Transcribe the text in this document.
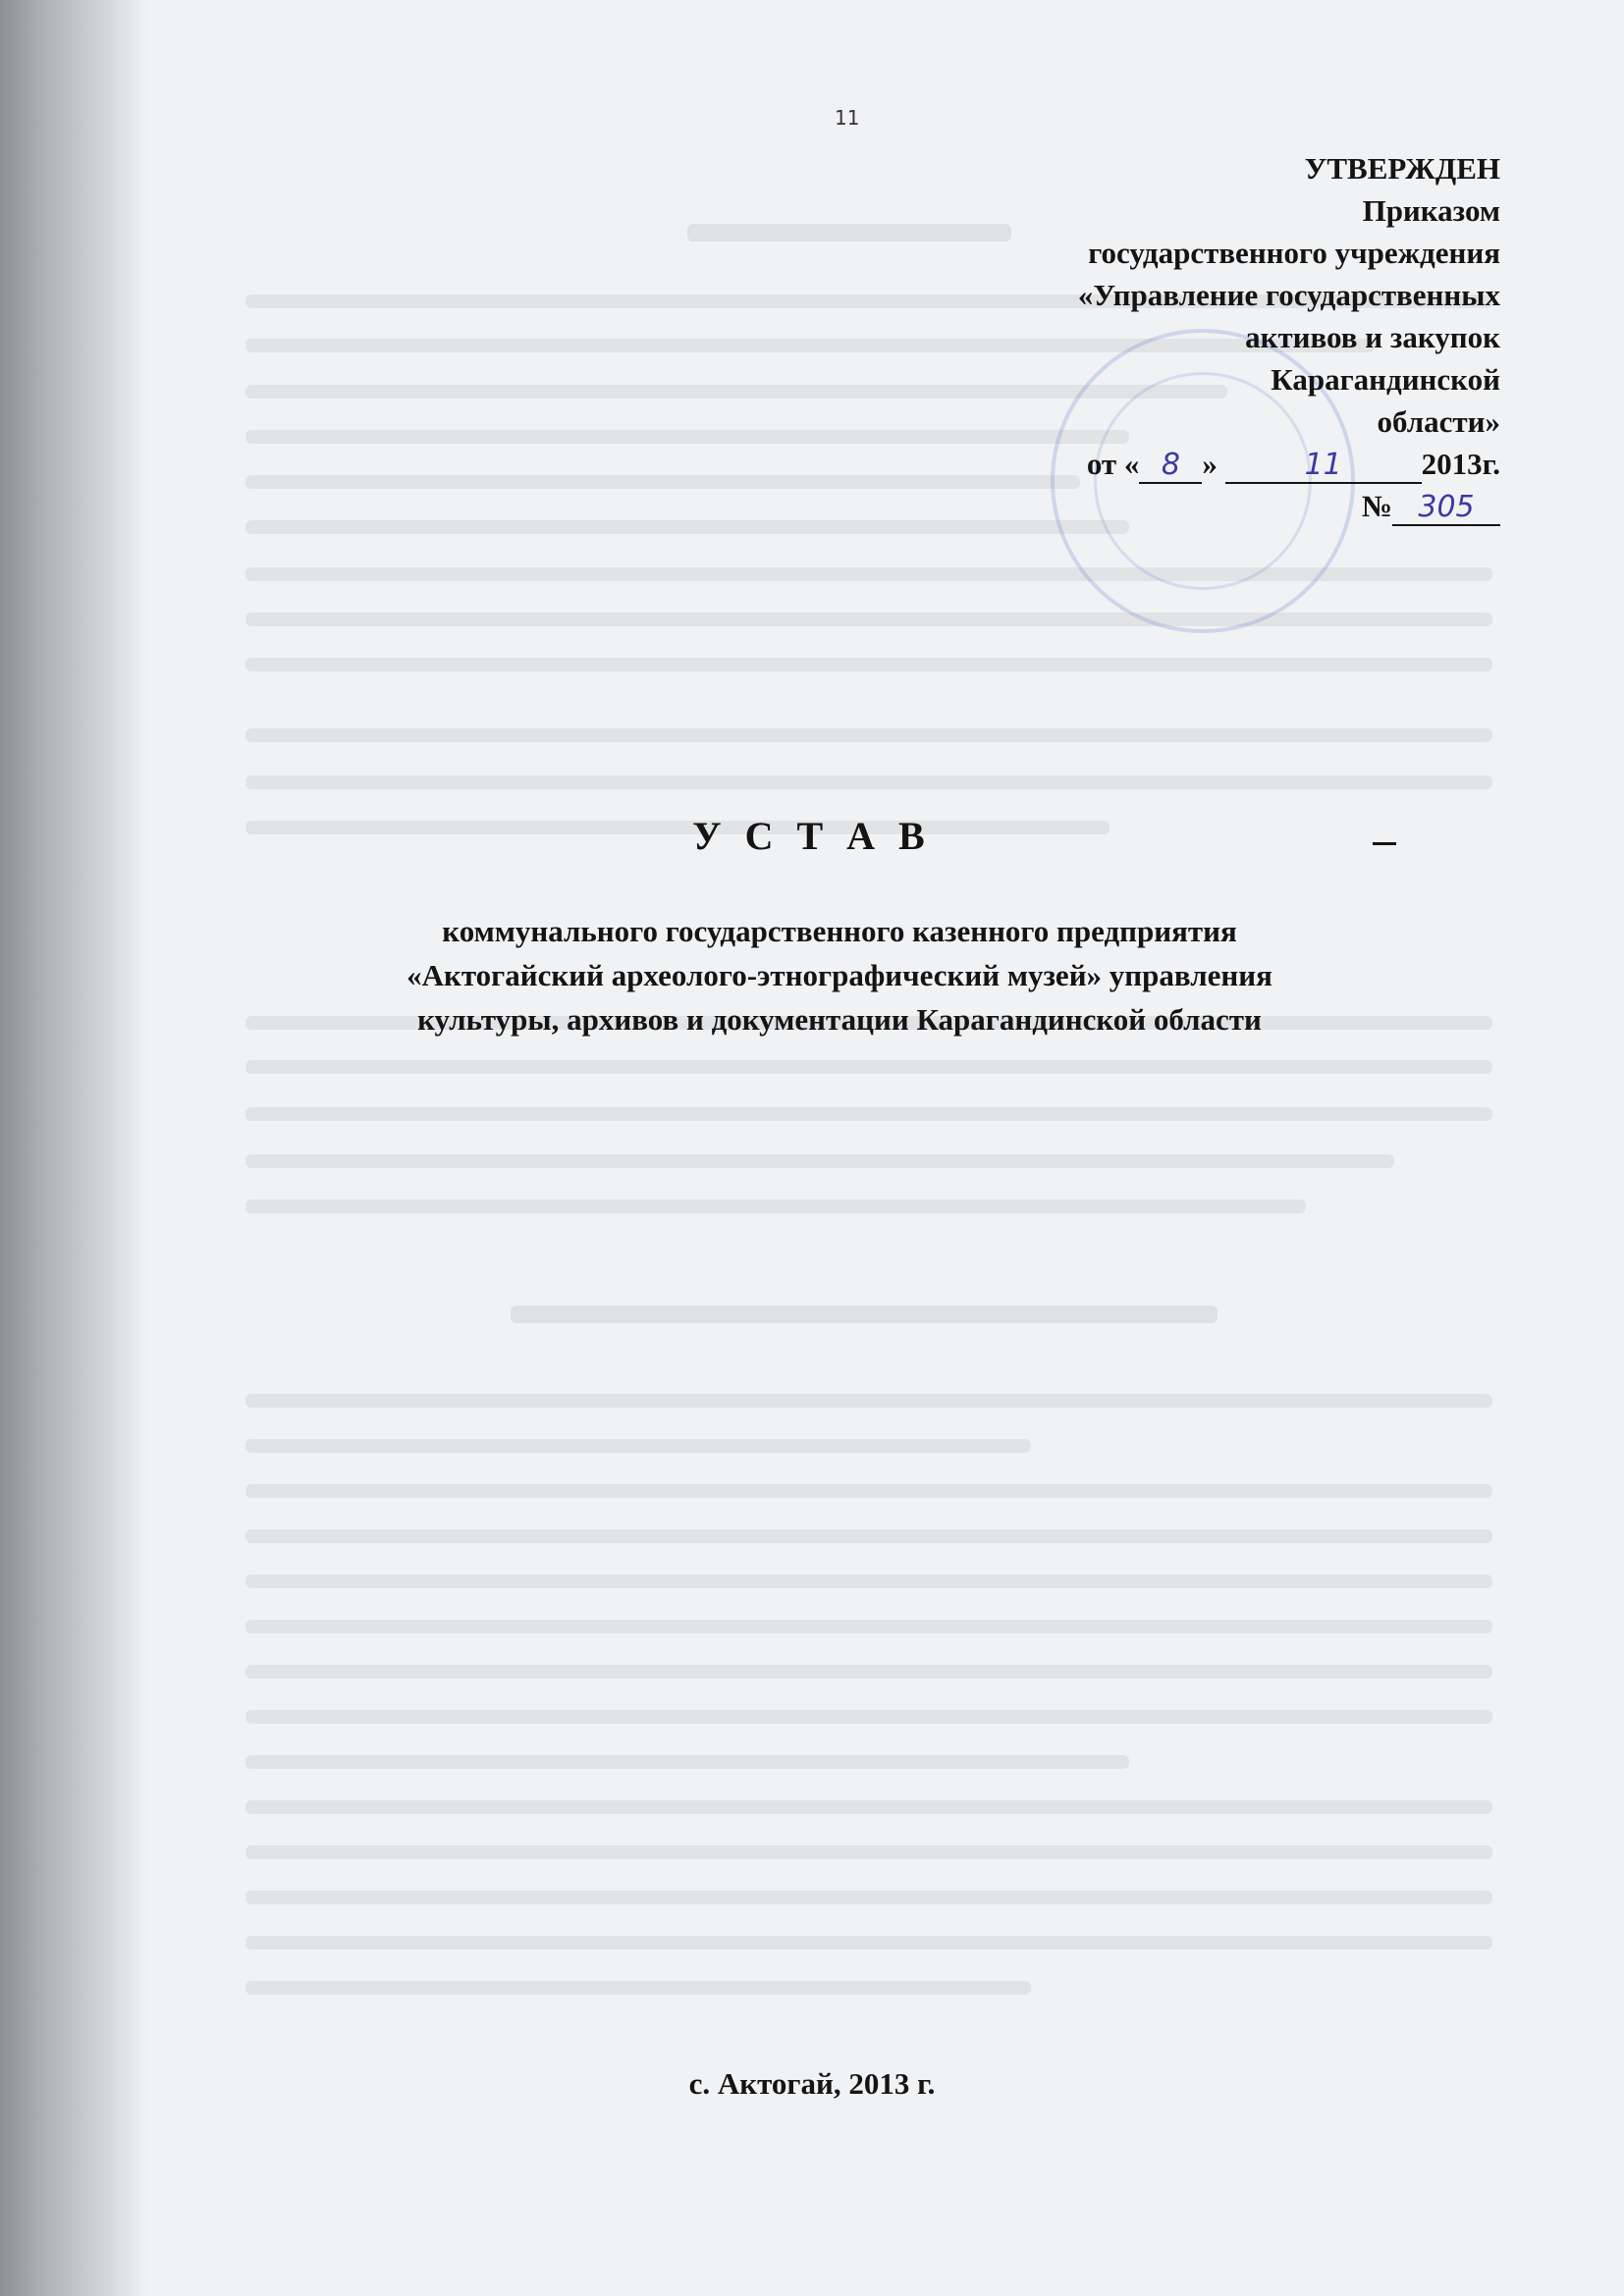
11
УТВЕРЖДЕН
Приказом
государственного учреждения
«Управление государственных
активов и закупок
Карагандинской
области»
от « 8 »	11	2013г.
№ 305
У С Т А В
коммунального государственного казенного предприятия
«Актогайский археолого-этнографический музей» управления
культуры, архивов и документации Карагандинской области
с. Актогай, 2013 г.
